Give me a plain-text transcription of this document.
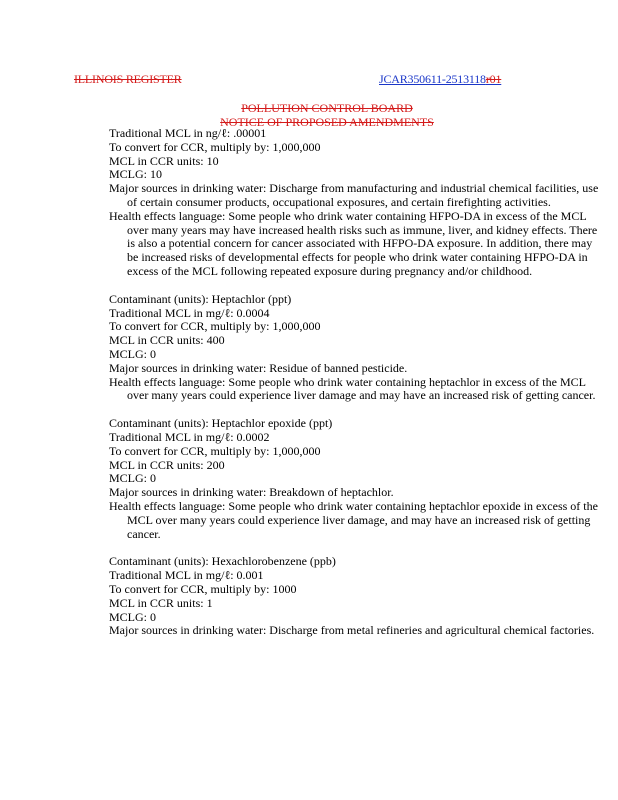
ILLINOIS REGISTER	JCAR350611-2513118r01
POLLUTION CONTROL BOARD
NOTICE OF PROPOSED AMENDMENTS

Traditional MCL in ng/ℓ: .00001

To convert for CCR, multiply by: 1,000,000

MCL in CCR units: 10

MCLG: 10

Major sources in drinking water: Discharge from manufacturing and industrial chemical facilities, use of certain consumer products, occupational exposures, and certain firefighting activities.

Health effects language: Some people who drink water containing HFPO-DA in excess of the MCL over many years may have increased health risks such as immune, liver, and kidney effects. There is also a potential concern for cancer associated with HFPO-DA exposure. In addition, there may be increased risks of developmental effects for people who drink water containing HFPO-DA in excess of the MCL following repeated exposure during pregnancy and/or childhood.

Contaminant (units): Heptachlor (ppt)

Traditional MCL in mg/ℓ: 0.0004

To convert for CCR, multiply by: 1,000,000

MCL in CCR units: 400

MCLG: 0

Major sources in drinking water: Residue of banned pesticide.

Health effects language: Some people who drink water containing heptachlor in excess of the MCL over many years could experience liver damage and may have an increased risk of getting cancer.

Contaminant (units): Heptachlor epoxide (ppt)

Traditional MCL in mg/ℓ: 0.0002

To convert for CCR, multiply by: 1,000,000

MCL in CCR units: 200

MCLG: 0

Major sources in drinking water: Breakdown of heptachlor.

Health effects language: Some people who drink water containing heptachlor epoxide in excess of the MCL over many years could experience liver damage, and may have an increased risk of getting cancer.

Contaminant (units): Hexachlorobenzene (ppb)

Traditional MCL in mg/ℓ: 0.001

To convert for CCR, multiply by: 1000

MCL in CCR units: 1

MCLG: 0

Major sources in drinking water: Discharge from metal refineries and agricultural chemical factories.
